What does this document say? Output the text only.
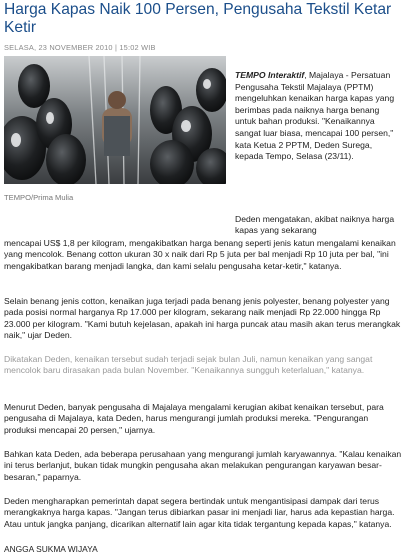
Harga Kapas Naik 100 Persen, Pengusaha Tekstil Ketar Ketir
SELASA, 23 NOVEMBER 2010 | 15:02 WIB
TEMPO/Prima Mulia

TEMPO Interaktif, Majalaya - Persatuan Pengusaha Tekstil Majalaya (PPTM) mengeluhkan kenaikan harga kapas yang berimbas pada naiknya harga benang untuk bahan produksi. "Kenaikannya sangat luar biasa, mencapai 100 persen," kata Ketua 2 PPTM, Deden Surega, kepada Tempo, Selasa (23/11).

Deden mengatakan, akibat naiknya harga kapas yang sekarang

mencapai US$ 1,8 per kilogram, mengakibatkan harga benang seperti jenis katun mengalami kenaikan yang mencolok. Benang cotton ukuran 30 x naik dari Rp 5 juta per bal menjadi Rp 10 juta per bal, "ini mengakibatkan barang menjadi langka, dan kami selalu pengusaha ketar-ketir," katanya.

Selain benang jenis cotton, kenaikan juga terjadi pada benang jenis polyester, benang polyester yang pada posisi normal harganya Rp 17.000 per kilogram, sekarang naik menjadi Rp 22.000 hingga Rp 23.000 per kilogram. "Kami butuh kejelasan, apakah ini harga puncak atau masih akan terus merangkak naik," ujar Deden.

Dikatakan Deden, kenaikan tersebut sudah terjadi sejak bulan Juli, namun kenaikan yang sangat mencolok baru dirasakan pada bulan November. "Kenaikannya sungguh keterlaluan," katanya.

Menurut Deden, banyak pengusaha di Majalaya mengalami kerugian akibat kenaikan tersebut, para pengusaha di Majalaya, kata Deden, harus mengurangi jumlah produksi mereka. "Pengurangan produksi mencapai 20 persen," ujarnya.

Bahkan kata Deden, ada beberapa perusahaan yang mengurangi jumlah karyawannya. "Kalau kenaikan ini terus berlanjut, bukan tidak mungkin pengusaha akan melakukan pengurangan karyawan besar-besaran," paparnya.

Deden mengharapkan pemerintah dapat segera bertindak untuk mengantisipasi dampak dari terus merangkaknya harga kapas. "Jangan terus dibiarkan pasar ini menjadi liar, harus ada kepastian harga. Atau untuk jangka panjang, dicarikan alternatif lain agar kita tidak tergantung kepada kapas," katanya.

ANGGA SUKMA WIJAYA
